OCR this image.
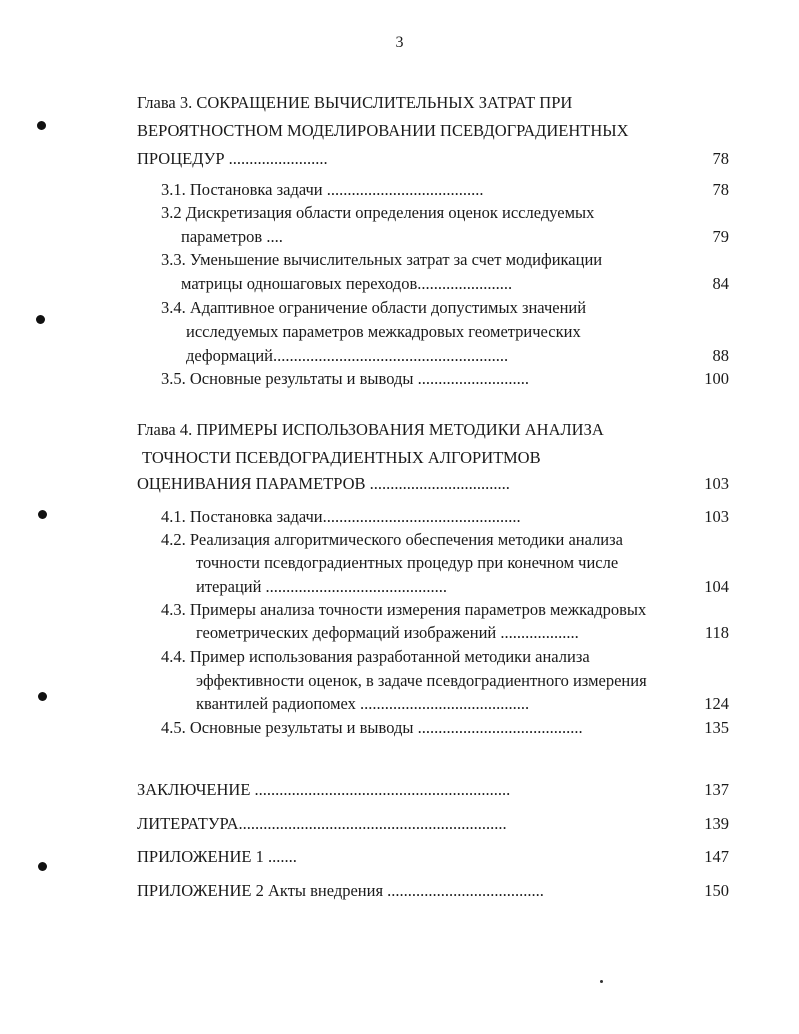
3
Глава 3. СОКРАЩЕНИЕ ВЫЧИСЛИТЕЛЬНЫХ ЗАТРАТ ПРИ
ВЕРОЯТНОСТНОМ МОДЕЛИРОВАНИИ ПСЕВДОГРАДИЕНТНЫХ
ПРОЦЕДУР ........................	78
3.1. Постановка задачи ......................................	78
3.2 Дискретизация области определения оценок исследуемых
параметров ....	79
3.3. Уменьшение вычислительных затрат за счет модификации
матрицы одношаговых переходов.......................	84
3.4. Адаптивное ограничение области допустимых значений
исследуемых параметров межкадровых геометрических
деформаций.........................................................	88
3.5. Основные результаты и выводы ...........................	100
Глава 4. ПРИМЕРЫ ИСПОЛЬЗОВАНИЯ МЕТОДИКИ АНАЛИЗА
ТОЧНОСТИ ПСЕВДОГРАДИЕНТНЫХ АЛГОРИТМОВ
ОЦЕНИВАНИЯ ПАРАМЕТРОВ ..................................	103
4.1. Постановка задачи................................................	103
4.2. Реализация алгоритмического обеспечения методики анализа
точности псевдоградиентных процедур при конечном числе
итераций ............................................	104
4.3. Примеры анализа точности измерения параметров межкадровых
геометрических деформаций изображений ...................	118
4.4. Пример использования разработанной методики анализа
эффективности оценок, в задаче псевдоградиентного измерения
квантилей радиопомех .........................................	124
4.5. Основные результаты и выводы ........................................	135
ЗАКЛЮЧЕНИЕ ..............................................................	137
ЛИТЕРАТУРА.................................................................	139
ПРИЛОЖЕНИЕ 1 .......	147
ПРИЛОЖЕНИЕ 2 Акты внедрения ......................................	150
